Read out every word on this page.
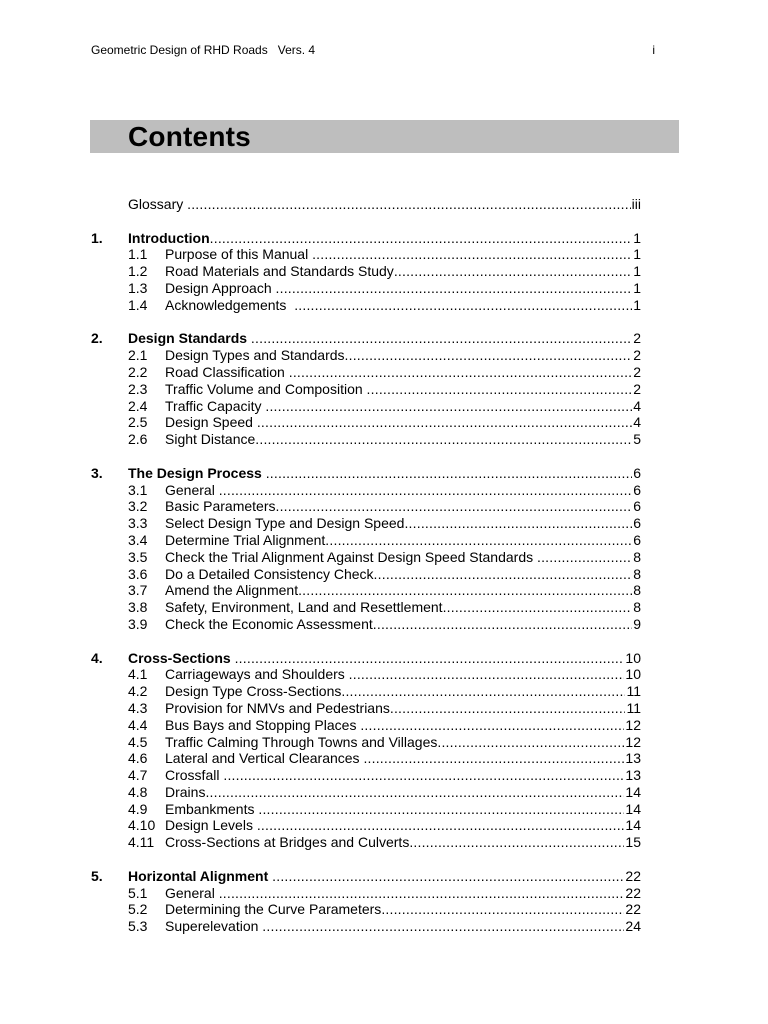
Geometric Design of RHD Roads   Vers. 4	i
Contents
Glossary .....	iii
1.	Introduction .....	1
1.1	Purpose of this Manual .....	1
1.2	Road Materials and Standards Study .....	1
1.3	Design Approach .....	1
1.4	Acknowledgements .....	1
2.	Design Standards .....	2
2.1	Design Types and Standards .....	2
2.2	Road Classification .....	2
2.3	Traffic Volume and Composition .....	2
2.4	Traffic Capacity .....	4
2.5	Design Speed .....	4
2.6	Sight Distance .....	5
3.	The Design Process .....	6
3.1	General .....	6
3.2	Basic Parameters .....	6
3.3	Select Design Type and Design Speed .....	6
3.4	Determine Trial Alignment .....	6
3.5	Check the Trial Alignment Against Design Speed Standards .....	8
3.6	Do a Detailed Consistency Check .....	8
3.7	Amend the Alignment .....	8
3.8	Safety, Environment, Land and Resettlement .....	8
3.9	Check the Economic Assessment .....	9
4.	Cross-Sections .....	10
4.1	Carriageways and Shoulders .....	10
4.2	Design Type Cross-Sections .....	11
4.3	Provision for NMVs and Pedestrians .....	11
4.4	Bus Bays and Stopping Places .....	12
4.5	Traffic Calming Through Towns and Villages .....	12
4.6	Lateral and Vertical Clearances .....	13
4.7	Crossfall .....	13
4.8	Drains .....	14
4.9	Embankments .....	14
4.10 Design Levels .....	14
4.11 Cross-Sections at Bridges and Culverts .....	15
5.	Horizontal Alignment .....	22
5.1	General .....	22
5.2	Determining the Curve Parameters .....	22
5.3	Superelevation .....	24
